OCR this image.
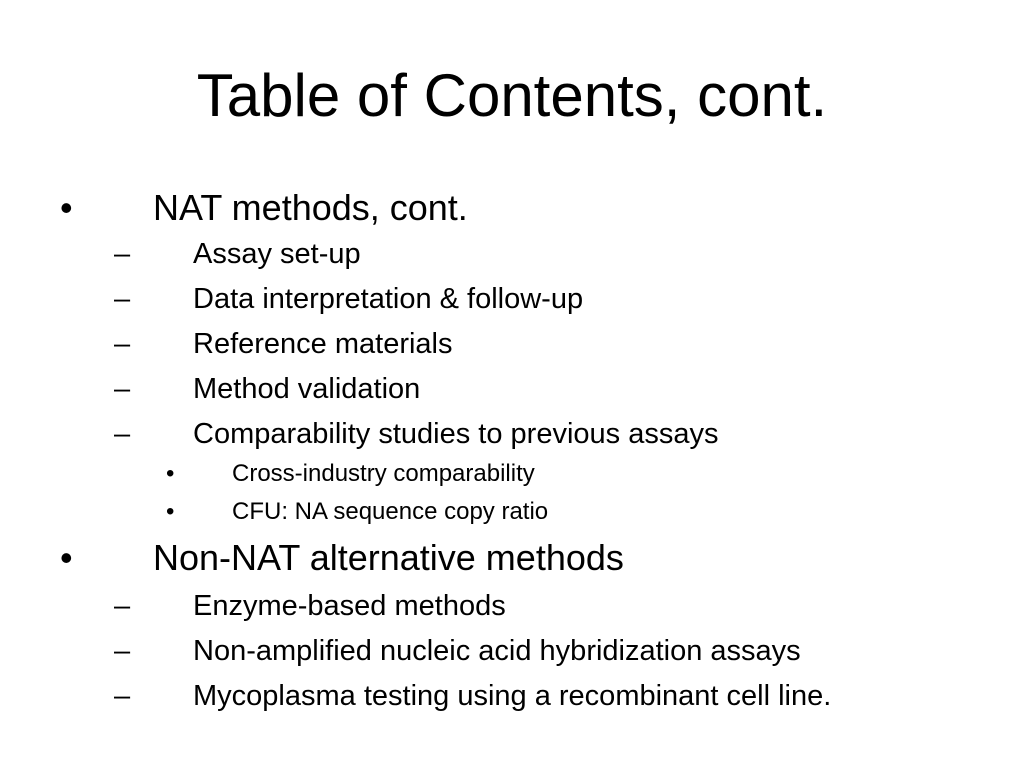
Table of Contents, cont.
• NAT methods, cont.
– Assay set-up
– Data interpretation & follow-up
– Reference materials
– Method validation
– Comparability studies to previous assays
• Cross-industry comparability
• CFU: NA sequence copy ratio
• Non-NAT alternative methods
– Enzyme-based methods
– Non-amplified nucleic acid hybridization assays
– Mycoplasma testing using a recombinant cell line.
